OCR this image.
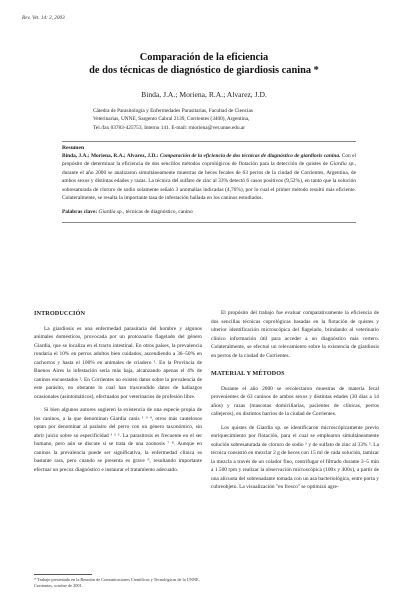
Rev. Vet. 14: 2, 2003
Comparación de la eficiencia
de dos técnicas de diagnóstico de giardiosis canina *
Binda, J.A.; Moriena, R.A.; Alvarez, J.D.
Cátedra de Parasitología y Enfermedades Parasitarias, Facultad de Ciencias
Veterinarias, UNNE, Sargento Cabral 2139, Corrientes (3400), Argentina,
Tel./fax 03783-425753, Interno 141. E-mail: rmoriena@vet.unne.edu.ar
Resumen
Binda, J.A.; Moriena, R.A.; Alvarez, J.D.: Comparación de la eficiencia de dos técnicas de diagnóstico de giardiosis canina. Con el propósito de determinar la eficiencia de dos sencillos métodos coprológicos de flotación para la detección de quistes de Giardia sp., durante el año 2000 se analizaron simultáneamente muestras de heces fecales de 63 perros de la ciudad de Corrientes, Argentina, de ambos sexos y distintas edades y razas. La técnica del sulfato de zinc al 33% detectó 6 casos positivos (9,52%), en tanto que la solución sobresaturada de cloruro de sodio solamente señaló 3 anomalías indicadas (4,76%), por lo cual el primer método resultó más eficiente. Colateralmente, se resalta la importante tasa de infestación hallada en los caninos estudiados.
Palabras clave: Giardia sp., técnicas de diagnóstico, canino
INTRODUCCIÓN

La giardiosis es una enfermedad parasitaria del hombre y algunos animales domésticos, provocada por un protozoario flagelado del género Giardia, que se localiza en el tracto intestinal. En otros países, la prevalencia rondaría el 10% en perros adultos bien cuidados, ascendiendo a 36–50% en cachorros y hasta el 100% en animales de criadero ¹. En la Provincia de Buenos Aires la infestación sería más baja, alcanzando apenas el 4% de caninos encuestados ². En Corrientes no existen datos sobre la prevalencia de este parásito, no obstante lo cual han trascendido datos de hallazgos ocasionales (asintomáticos), efectuados por veterinarios de profesión libre.

Si bien algunos autores sugieren la existencia de una especie propia de los caninos, a la que denominan Giardia canis ¹ ³ ⁴, otros más cautelosos optan por denominar al parásito del perro con un género taxonómico, sin abrir juicio sobre su especificidad ³ ⁵ ⁶. La parasitosis es frecuente en el ser humano, pero aún se discute si se trata de una zoonosis ⁷ ⁸. Aunque en caninos la prevalencia puede ser significativa, la enfermedad clínica es bastante rara, pero cuando se presenta es grave ⁹, resultando importante efectuar un precoz diagnóstico e instaurar el tratamiento adecuado.

El propósito del trabajo fue evaluar comparativamente la eficiencia de dos sencillas técnicas coprológicas basadas en la flotación de quistes y ulterior identificación microscópica del flagelado, brindando al veterinario clínico información útil para acceder a un diagnóstico más certero. Colateralmente, se efectuó un relevamiento sobre la existencia de giardiosis en perros de la ciudad de Corrientes.

MATERIAL Y MÉTODOS

Durante el año 2000 se recolectaron muestras de materia fecal provenientes de 63 caninos de ambos sexos y distintas edades (30 días a 14 años) y razas (mascotas domiciliarias, pacientes de clínicas, perros callejeros), en distintos barrios de la ciudad de Corrientes.

Los quistes de Giardia sp. se identificaron microscópicamente previo enriquecimiento por flotación, para el cual se emplearon simultáneamente solución sobresaturada de cloruro de sodio ⁵ y de sulfato de zinc al 33% ³. La técnica consistió en mezclar 2 g de heces con 15 ml de cada solución, tamizar la mezcla a través de un colador fino, centrifugar el filtrado durante 3–5 min a 1.500 rpm y realizar la observación microscópica (100x y 400x), a partir de una alícuota del sobrenadante tomada con un asa bacteriológica, entre porta y cubreobjeto. La visualización "en fresco" se optimizó agre-

* Trabajo presentado en la Reunión de Comunicaciones Científicas y Tecnológicas de la UNNE, Corrientes, octubre de 2001.
